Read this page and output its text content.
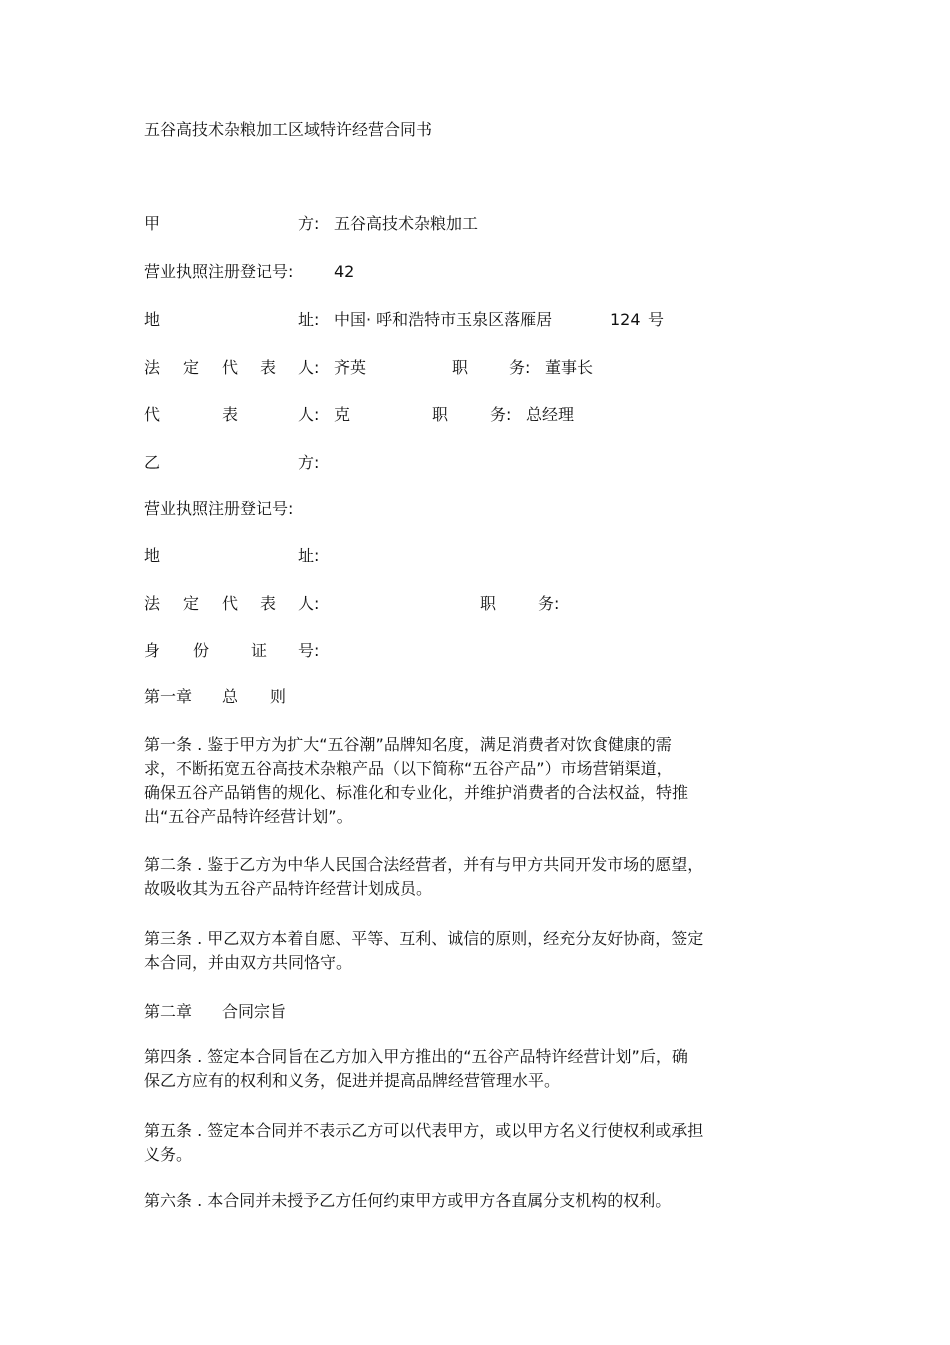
五谷高技术杂粮加工区域特许经营合同书
甲	方: 五谷高技术杂粮加工
营业执照注册登记号:	42
地	址: 中国· 呼和浩特市玉泉区落雁居	124 号
法 定 代 表 人: 齐英	职	务: 董事长
代	表	人: 克	职	务: 总经理
乙	方:
营业执照注册登记号:
地	址:
法 定 代 表 人:	职	务:
身 份	证 号:
第一章 总 则
第一条 . 鉴于甲方为扩大“五谷潮”品牌知名度，满足消费者对饮食健康的需
求，不断拓宽五谷高技术杂粮产品（以下简称“五谷产品”）市场营销渠道，
确保五谷产品销售的规化、标准化和专业化，并维护消费者的合法权益，特推
出“五谷产品特许经营计划”。
第二条 . 鉴于乙方为中华人民国合法经营者，并有与甲方共同开发市场的愿望，
故吸收其为五谷产品特许经营计划成员。
第三条 . 甲乙双方本着自愿、平等、互利、诚信的原则，经充分友好协商，签定
本合同，并由双方共同恪守。
第二章 合同宗旨
第四条 . 签定本合同旨在乙方加入甲方推出的“五谷产品特许经营计划”后，确
保乙方应有的权利和义务，促进并提高品牌经营管理水平。
第五条 . 签定本合同并不表示乙方可以代表甲方，或以甲方名义行使权利或承担
义务。
第六条 . 本合同并未授予乙方任何约束甲方或甲方各直属分支机构的权利。
